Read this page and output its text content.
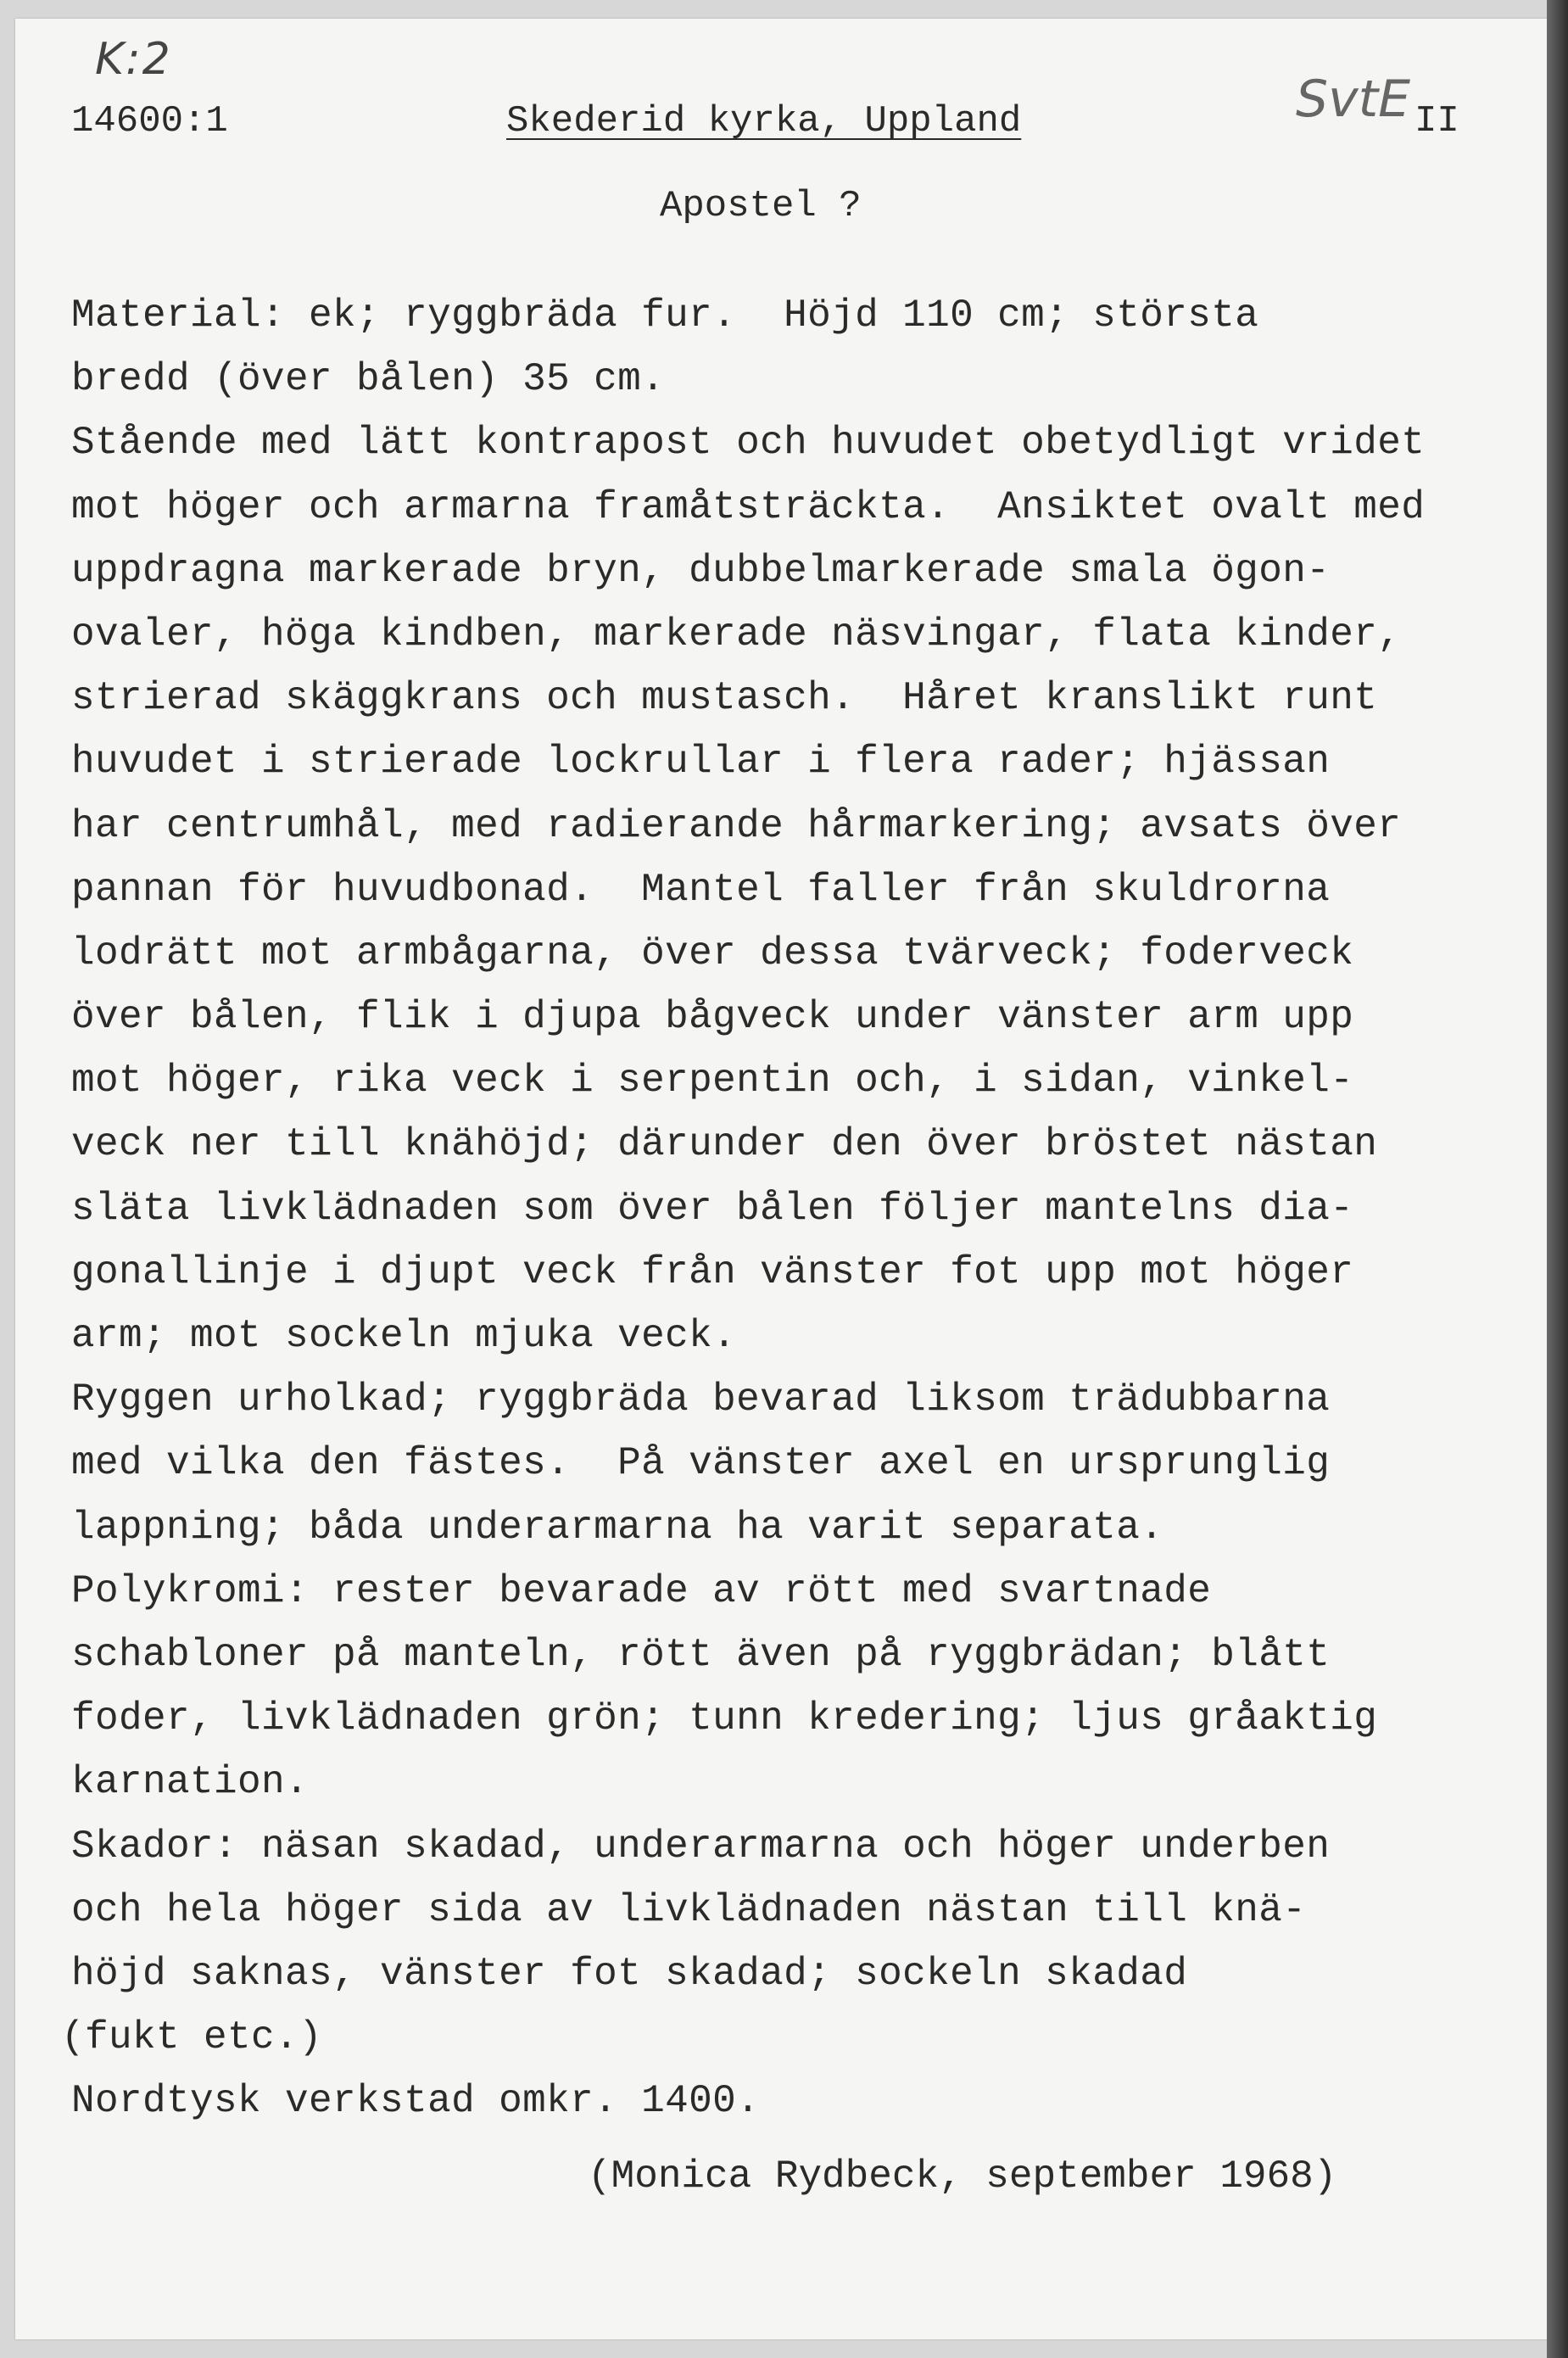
K:2
SvtE
14600:1	Skederid kyrka, Uppland	II
Apostel ?
Material: ek; ryggbräda fur.  Höjd 110 cm; största
bredd (över bålen) 35 cm.
Stående med lätt kontrapost och huvudet obetydligt vridet
mot höger och armarna framåtsträckta.  Ansiktet ovalt med
uppdragna markerade bryn, dubbelmarkerade smala ögon-
ovaler, höga kindben, markerade näsvingar, flata kinder,
strierad skäggkrans och mustasch.  Håret kranslikt runt
huvudet i strierade lockrullar i flera rader; hjässan
har centrumhål, med radierande hårmarkering; avsats över
pannan för huvudbonad.  Mantel faller från skuldrorna
lodrätt mot armbågarna, över dessa tvärveck; foderveck
över bålen, flik i djupa bågveck under vänster arm upp
mot höger, rika veck i serpentin och, i sidan, vinkel-
veck ner till knähöjd; därunder den över bröstet nästan
släta livklädnaden som över bålen följer mantelns dia-
gonallinje i djupt veck från vänster fot upp mot höger
arm; mot sockeln mjuka veck.
Ryggen urholkad; ryggbräda bevarad liksom trädubbarna
med vilka den fästes.  På vänster axel en ursprunglig
lappning; båda underarmarna ha varit separata.
Polykromi: rester bevarade av rött med svartnade
schabloner på manteln, rött även på ryggbrädan; blått
foder, livklädnaden grön; tunn kredering; ljus gråaktig
karnation.
Skador: näsan skadad, underarmarna och höger underben
och hela höger sida av livklädnaden nästan till knä-
höjd saknas, vänster fot skadad; sockeln skadad
(fukt etc.)
Nordtysk verkstad omkr. 1400.
(Monica Rydbeck, september 1968)
